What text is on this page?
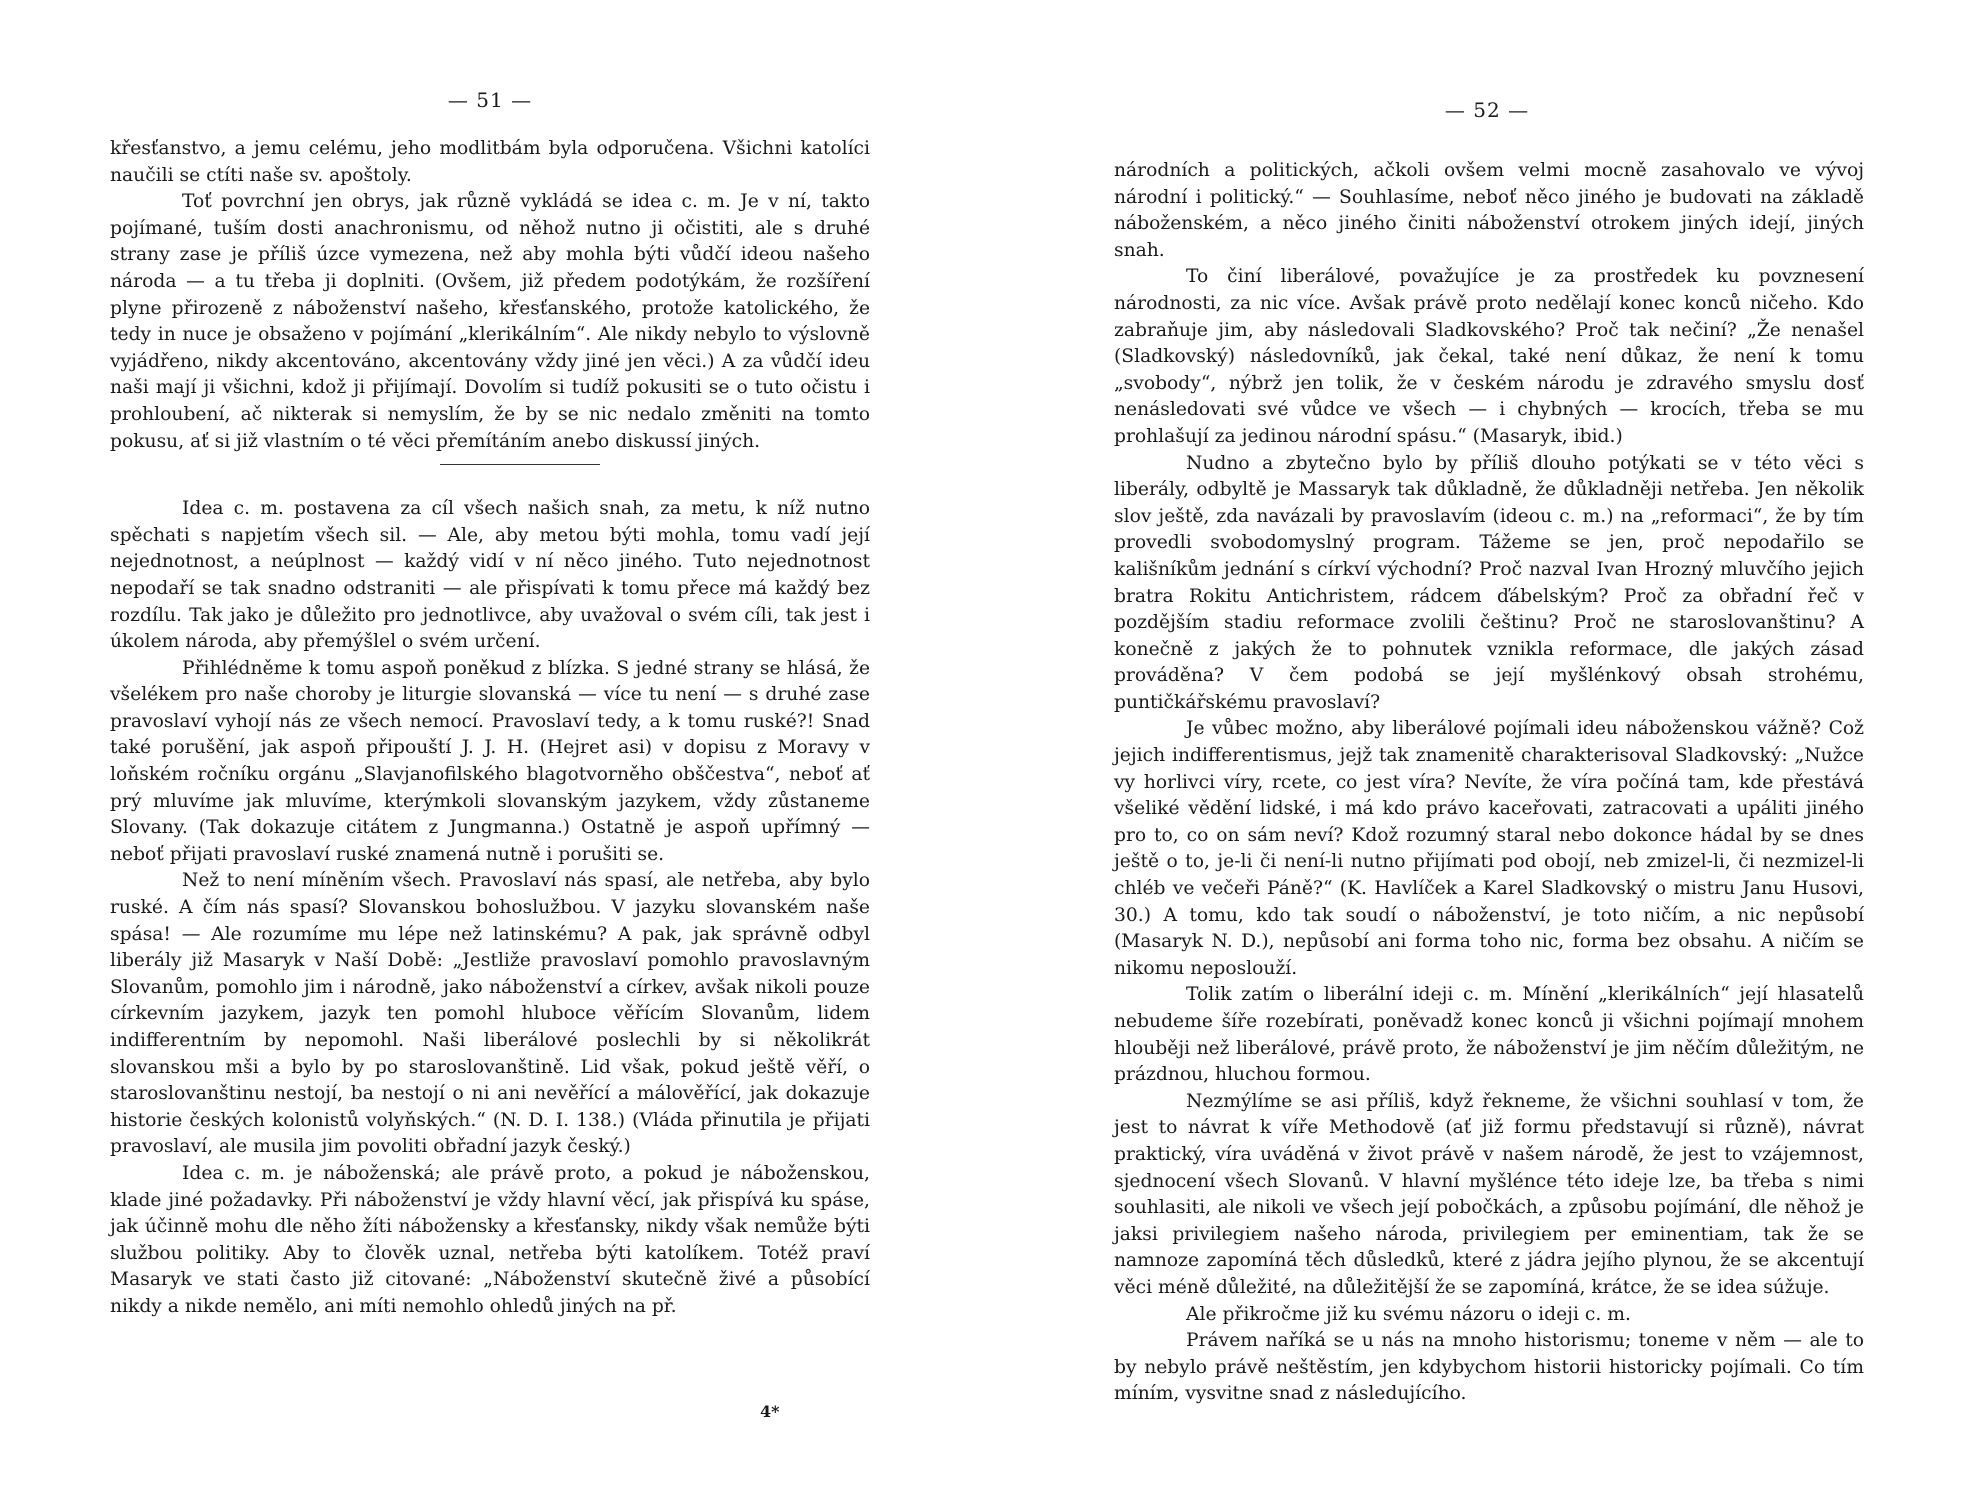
— 51 —

křesťanstvo, a jemu celému, jeho modlitbám byla odporučena. Všichni katolíci naučili se ctíti naše sv. apoštoly.

Toť povrchní jen obrys, jak různě vykládá se idea c. m. Je v ní, takto pojímané, tuším dosti anachronismu, od něhož nutno ji očistiti, ale s druhé strany zase je příliš úzce vymezena, než aby mohla býti vůdčí ideou našeho národa — a tu třeba ji doplniti. (Ovšem, již předem podotýkám, že rozšíření plyne přirozeně z náboženství našeho, křesťanského, protože katolického, že tedy in nuce je obsaženo v pojímání „klerikálním“. Ale nikdy nebylo to výslovně vyjádřeno, nikdy akcentováno, akcentovány vždy jiné jen věci.) A za vůdčí ideu naši mají ji všichni, kdož ji přijímají. Dovolím si tudíž pokusiti se o tuto očistu i prohloubení, ač nikterak si nemyslím, že by se nic nedalo změniti na tomto pokusu, ať si již vlastním o té věci přemítáním anebo diskussí jiných.

Idea c. m. postavena za cíl všech našich snah, za metu, k níž nutno spěchati s napjetím všech sil. — Ale, aby metou býti mohla, tomu vadí její nejednotnost, a neúplnost — každý vidí v ní něco jiného. Tuto nejednotnost nepodaří se tak snadno odstraniti — ale přispívati k tomu přece má každý bez rozdílu. Tak jako je důležito pro jednotlivce, aby uvažoval o svém cíli, tak jest i úkolem národa, aby přemýšlel o svém určení.

Přihlédněme k tomu aspoň poněkud z blízka. S jedné strany se hlásá, že všelékem pro naše choroby je liturgie slovanská — více tu není — s druhé zase pravoslaví vyhojí nás ze všech nemocí. Pravoslaví tedy, a k tomu ruské?! Snad také porušění, jak aspoň připouští J. J. H. (Hejret asi) v dopisu z Moravy v loňském ročníku orgánu „Slavjanofilského blagotvorněho obščestva“, neboť ať prý mluvíme jak mluvíme, kterýmkoli slovanským jazykem, vždy zůstaneme Slovany. (Tak dokazuje citátem z Jungmanna.) Ostatně je aspoň upřímný — neboť přijati pravoslaví ruské znamená nutně i porušiti se.

Než to není míněním všech. Pravoslaví nás spasí, ale netřeba, aby bylo ruské. A čím nás spasí? Slovanskou bohoslužbou. V jazyku slovanském naše spása! — Ale rozumíme mu lépe než latinskému? A pak, jak správně odbyl liberály již Masaryk v Naší Době: „Jestliže pravoslaví pomohlo pravoslavným Slovanům, pomohlo jim i národně, jako náboženství a církev, avšak nikoli pouze církevním jazykem, jazyk ten pomohl hluboce věřícím Slovanům, lidem indifferentním by nepomohl. Naši liberálové poslechli by si několikrát slovanskou mši a bylo by po staroslovanštině. Lid však, pokud ještě věří, o staroslovanštinu nestojí, ba nestojí o ni ani nevěřící a málověřící, jak dokazuje historie českých kolonistů volyňských.“ (N. D. I. 138.) (Vláda přinutila je přijati pravoslaví, ale musila jim povoliti obřadní jazyk český.)

Idea c. m. je náboženská; ale právě proto, a pokud je náboženskou, klade jiné požadavky. Při náboženství je vždy hlavní věcí, jak přispívá ku spáse, jak účinně mohu dle něho žíti nábožensky a křesťansky, nikdy však nemůže býti službou politiky. Aby to člověk uznal, netřeba býti katolíkem. Totéž praví Masaryk ve stati často již citované: „Náboženství skutečně živé a působící nikdy a nikde nemělo, ani míti nemohlo ohledů jiných na př.

4*
— 52 —

národních a politických, ačkoli ovšem velmi mocně zasahovalo ve vývoj národní i politický.“ — Souhlasíme, neboť něco jiného je budovati na základě náboženském, a něco jiného činiti náboženství otrokem jiných idejí, jiných snah.

To činí liberálové, považujíce je za prostředek ku povznesení národnosti, za nic více. Avšak právě proto nedělají konec konců ničeho. Kdo zabraňuje jim, aby následovali Sladkovského? Proč tak nečiní? „Že nenašel (Sladkovský) následovníků, jak čekal, také není důkaz, že není k tomu „svobody“, nýbrž jen tolik, že v českém národu je zdravého smyslu dosť nenásledovati své vůdce ve všech — i chybných — krocích, třeba se mu prohlašují za jedinou národní spásu.“ (Masaryk, ibid.)

Nudno a zbytečno bylo by příliš dlouho potýkati se v této věci s liberály, odbyltě je Massaryk tak důkladně, že důkladněji netřeba. Jen několik slov ještě, zda navázali by pravoslavím (ideou c. m.) na „reformaci“, že by tím provedli svobodomyslný program. Tážeme se jen, proč nepodařilo se kališníkům jednání s církví východní? Proč nazval Ivan Hrozný mluvčího jejich bratra Rokitu Antichristem, rádcem ďábelským? Proč za obřadní řeč v pozdějším stadiu reformace zvolili češtinu? Proč ne staroslovanštinu? A konečně z jakých že to pohnutek vznikla reformace, dle jakých zásad prováděna? V čem podobá se její myšlénkový obsah strohému, puntičkářskému pravoslaví?

Je vůbec možno, aby liberálové pojímali ideu náboženskou vážně? Což jejich indifferentismus, jejž tak znamenitě charakterisoval Sladkovský: „Nužce vy horlivci víry, rcete, co jest víra? Nevíte, že víra počíná tam, kde přestává všeliké vědění lidské, i má kdo právo kaceřovati, zatracovati a upáliti jiného pro to, co on sám neví? Kdož rozumný staral nebo dokonce hádal by se dnes ještě o to, je-li či není-li nutno přijímati pod obojí, neb zmizel-li, či nezmizel-li chléb ve večeři Páně?“ (K. Havlíček a Karel Sladkovský o mistru Janu Husovi, 30.) A tomu, kdo tak soudí o náboženství, je toto ničím, a nic nepůsobí (Masaryk N. D.), nepůsobí ani forma toho nic, forma bez obsahu. A ničím se nikomu neposlouží.

Tolik zatím o liberální ideji c. m. Mínění „klerikálních“ její hlasatelů nebudeme šíře rozebírati, poněvadž konec konců ji všichni pojímají mnohem hlouběji než liberálové, právě proto, že náboženství je jim něčím důležitým, ne prázdnou, hluchou formou.

Nezmýlíme se asi příliš, když řekneme, že všichni souhlasí v tom, že jest to návrat k víře Methodově (ať již formu představují si různě), návrat praktický, víra uváděná v život právě v našem národě, že jest to vzájemnost, sjednocení všech Slovanů. V hlavní myšlénce této ideje lze, ba třeba s nimi souhlasiti, ale nikoli ve všech její pobočkách, a způsobu pojímání, dle něhož je jaksi privilegiem našeho národa, privilegiem per eminentiam, tak že se namnoze zapomíná těch důsledků, které z jádra jejího plynou, že se akcentují věci méně důležité, na důležitější že se zapomíná, krátce, že se idea súžuje.

Ale přikročme již ku svému názoru o ideji c. m.

Právem naříká se u nás na mnoho historismu; toneme v něm — ale to by nebylo právě neštěstím, jen kdybychom historii historicky pojímali. Co tím míním, vysvitne snad z následujícího.
